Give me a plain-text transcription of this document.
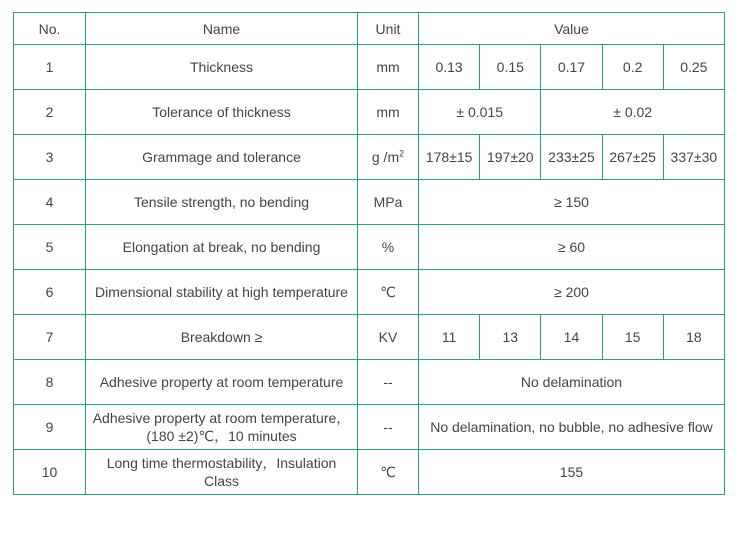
No.	Name	Unit	Value				
1	Thickness	mm	0.13	0.15	0.17	0.2	0.25
2	Tolerance of thickness	mm	± 0.015		± 0.02		
3	Grammage and tolerance	g $/m^2$	178±15	197±20	233±25	267±25	337±30
4	Tensile strength, no bending	MPa	≥ 150				
5	Elongation at break, no bending	%	≥ 60				
6	Dimensional stability at high temperature	℃	≥ 200				
7	Breakdown ≥	KV	11	13	14	15	18
8	Adhesive property at room temperature	--	No delamination				
9	Adhesive property at room temperature，(180 ±2)℃，10 minutes	--	No delamination, no bubble, no adhesive flow				
10	Long time thermostability，Insulation Class	℃	155				
